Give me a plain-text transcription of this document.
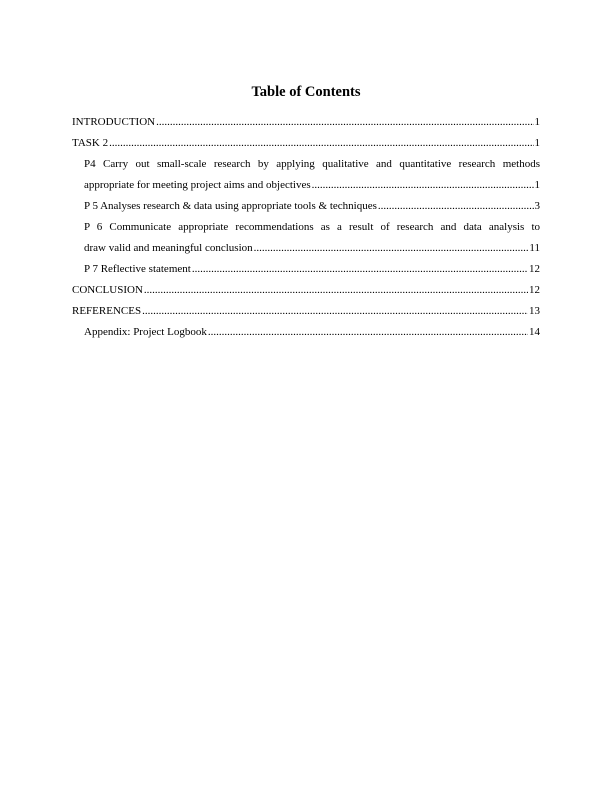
Table of Contents
INTRODUCTION .....	1
TASK 2 .....	1
P4 Carry out small-scale research by applying qualitative and quantitative research methods
appropriate for meeting project aims and objectives .....	1
P 5 Analyses research & data using appropriate tools & techniques .....	3
P 6 Communicate appropriate recommendations as a result of research and data analysis to
draw valid and meaningful conclusion .....	11
P 7 Reflective statement .....	12
CONCLUSION .....	12
REFERENCES .....	13
Appendix: Project Logbook .....	14
